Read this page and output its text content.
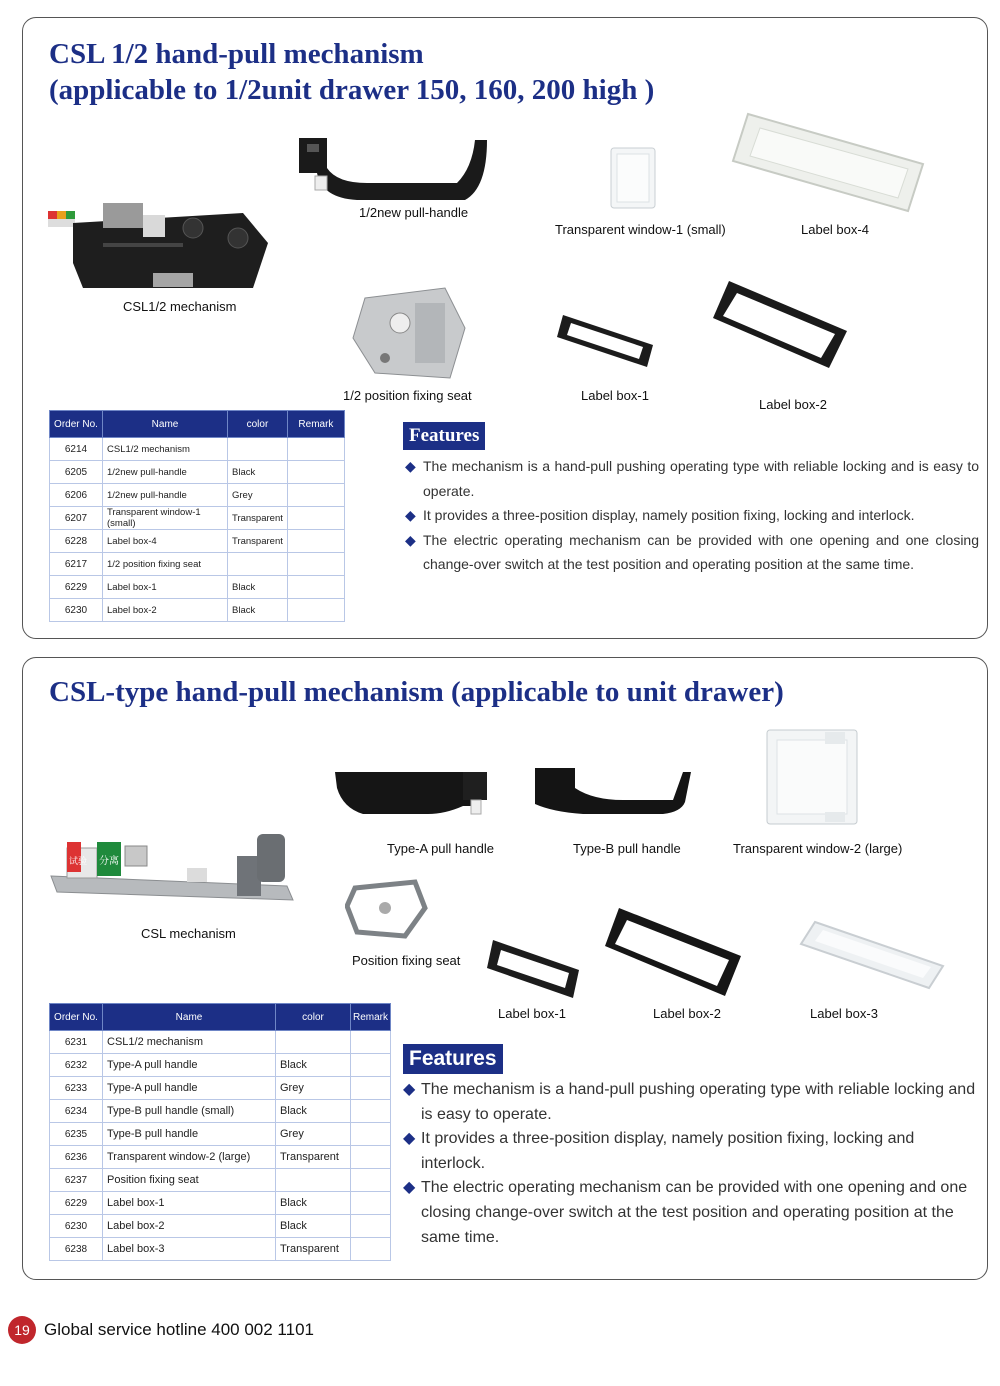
CSL 1/2 hand-pull mechanism
(applicable to 1/2unit drawer 150, 160, 200 high )
CSL1/2 mechanism
1/2new pull-handle
Transparent window-1 (small)	Label box-4
1/2 position fixing seat	Label box-1
Label box-2
Order No.	Name	color	Remark
6214	CSL1/2 mechanism		
6205	1/2new pull-handle	Black	
6206	1/2new pull-handle	Grey	
6207	Transparent window-1 (small)	Transparent	
6228	Label box-4	Transparent	
6217	1/2 position fixing seat		
6229	Label box-1	Black	
6230	Label box-2	Black	
Features
◆ The mechanism is a hand-pull pushing operating type with reliable locking and is easy to operate.
◆ It provides a three-position display, namely position fixing, locking and interlock.
◆ The electric operating mechanism can be provided with one opening and one closing change-over switch at the test position and operating position at the same time.
CSL-type hand-pull mechanism (applicable to unit drawer)
试验 分离
CSL mechanism
Type-A pull handle	Type-B pull handle	Transparent window-2 (large)
Position fixing seat
Label box-1	Label box-2	Label box-3
Order No.	Name	color	Remark
6231	CSL1/2 mechanism		
6232	Type-A pull handle	Black	
6233	Type-A pull handle	Grey	
6234	Type-B pull handle (small)	Black	
6235	Type-B pull handle	Grey	
6236	Transparent window-2 (large)	Transparent	
6237	Position fixing seat		
6229	Label box-1	Black	
6230	Label box-2	Black	
6238	Label box-3	Transparent	
Features
◆ The mechanism is a hand-pull pushing operating type with reliable locking and is easy to operate.
◆ It provides a three-position display, namely position fixing, locking and interlock.
◆ The electric operating mechanism can be provided with one opening and one closing change-over switch at the test position and operating position at the same time.
19 Global service hotline 400 002 1101
